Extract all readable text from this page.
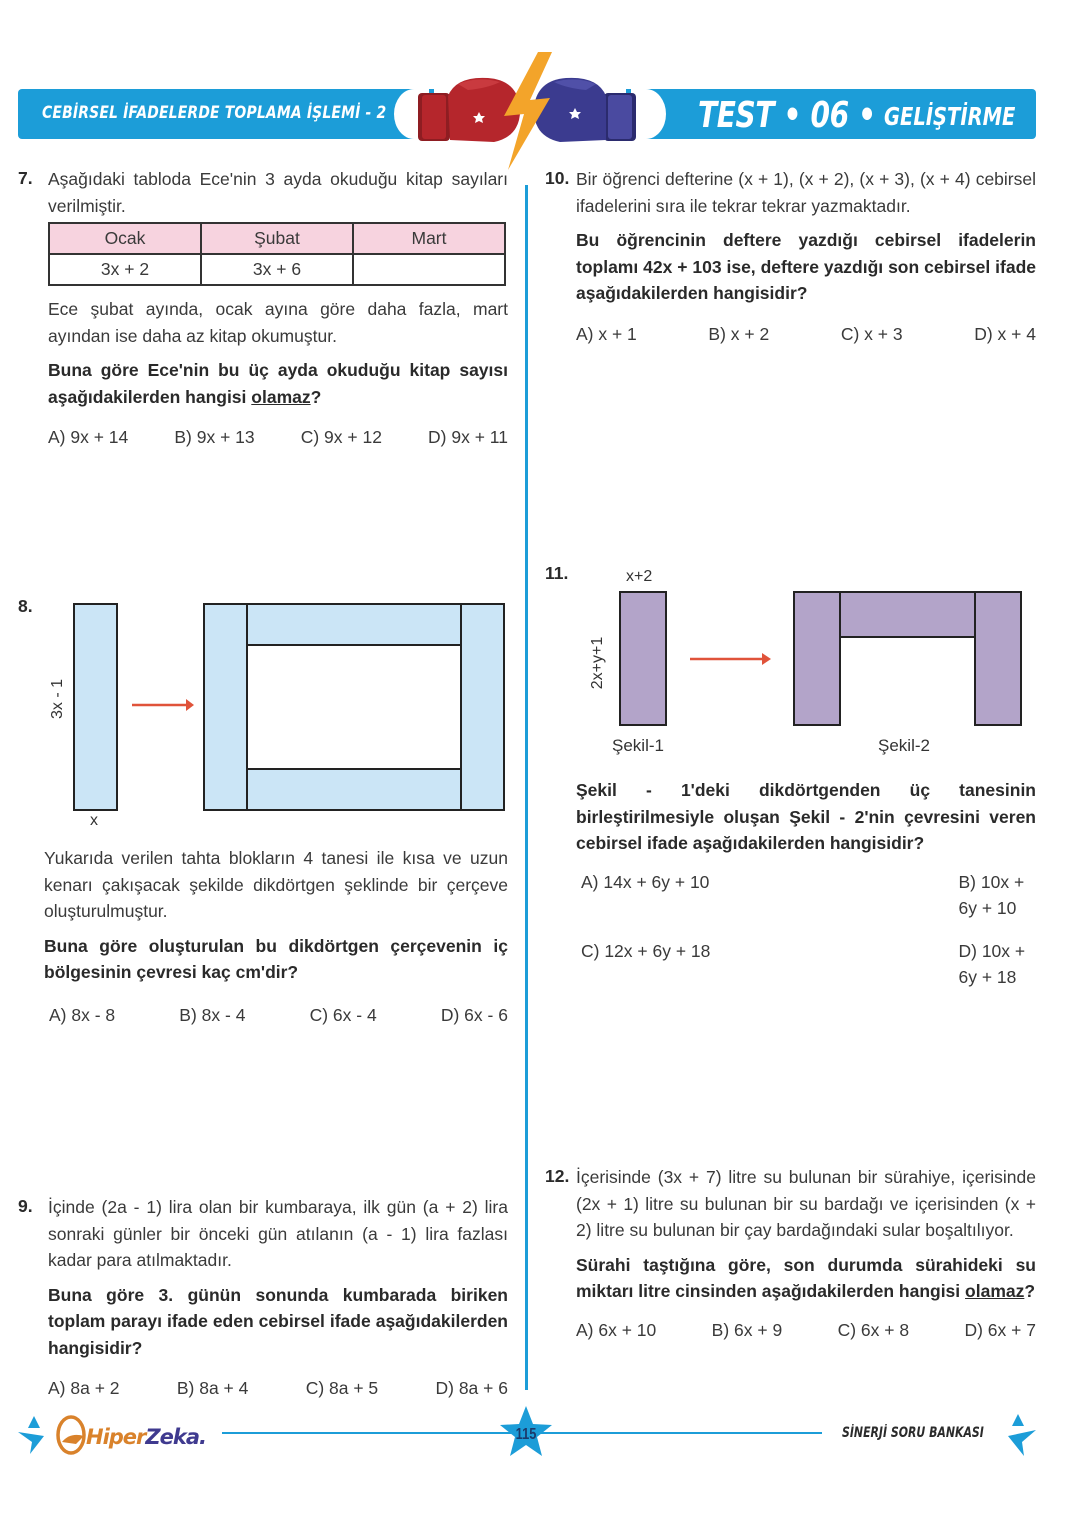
CEBİRSEL İFADELERDE TOPLAMA İŞLEMİ - 2	TEST • 06 • GELİŞTİRME
7. Aşağıdaki tabloda Ece'nin 3 ayda okuduğu kitap sayıları verilmiştir.

Ocak	Şubat	Mart
3x + 2	3x + 6	

Ece şubat ayında, ocak ayına göre daha fazla, mart ayından ise daha az kitap okumuştur.

Buna göre Ece'nin bu üç ayda okuduğu kitap sayısı aşağıdakilerden hangisi olamaz?

A) 9x + 14	B) 9x + 13	C) 9x + 12	D) 9x + 11
8.
3x - 1
x

Yukarıda verilen tahta blokların 4 tanesi ile kısa ve uzun kenarı çakışacak şekilde dikdörtgen şeklinde bir çerçeve oluşturulmuştur.

Buna göre oluşturulan bu dikdörtgen çerçevenin iç bölgesinin çevresi kaç cm'dir?

A) 8x - 8	B) 8x - 4	C) 6x - 4	D) 6x - 6
9. İçinde (2a - 1) lira olan bir kumbaraya, ilk gün (a + 2) lira sonraki günler bir önceki gün atılanın (a - 1) lira fazlası kadar para atılmaktadır.

Buna göre 3. günün sonunda kumbarada biriken toplam parayı ifade eden cebirsel ifade aşağıdakilerden hangisidir?

A) 8a + 2	B) 8a + 4	C) 8a + 5	D) 8a + 6
10. Bir öğrenci defterine (x + 1), (x + 2), (x + 3), (x + 4) cebirsel ifadelerini sıra ile tekrar tekrar yazmaktadır.

Bu öğrencinin deftere yazdığı cebirsel ifadelerin toplamı 42x + 103 ise, deftere yazdığı son cebirsel ifade aşağıdakilerden hangisidir?

A) x + 1	B) x + 2	C) x + 3	D) x + 4
11.	x+2
2x+y+1
Şekil-1	Şekil-2

Şekil - 1'deki dikdörtgenden üç tanesinin birleştirilmesiyle oluşan Şekil - 2'nin çevresini veren cebirsel ifade aşağıdakilerden hangisidir?

A) 14x + 6y + 10	B) 10x + 6y + 10
C) 12x + 6y + 18	D) 10x + 6y + 18
12. İçerisinde (3x + 7) litre su bulunan bir sürahiye, içerisinde (2x + 1) litre su bulunan bir su bardağı ve içerisinden (x + 2) litre su bulunan bir çay bardağındaki sular boşaltılıyor.

Sürahi taştığına göre, son durumda sürahideki su miktarı litre cinsinden aşağıdakilerden hangisi olamaz?

A) 6x + 10	B) 6x + 9	C) 6x + 8	D) 6x + 7
HiperZeka.	115	SİNERJİ SORU BANKASI
